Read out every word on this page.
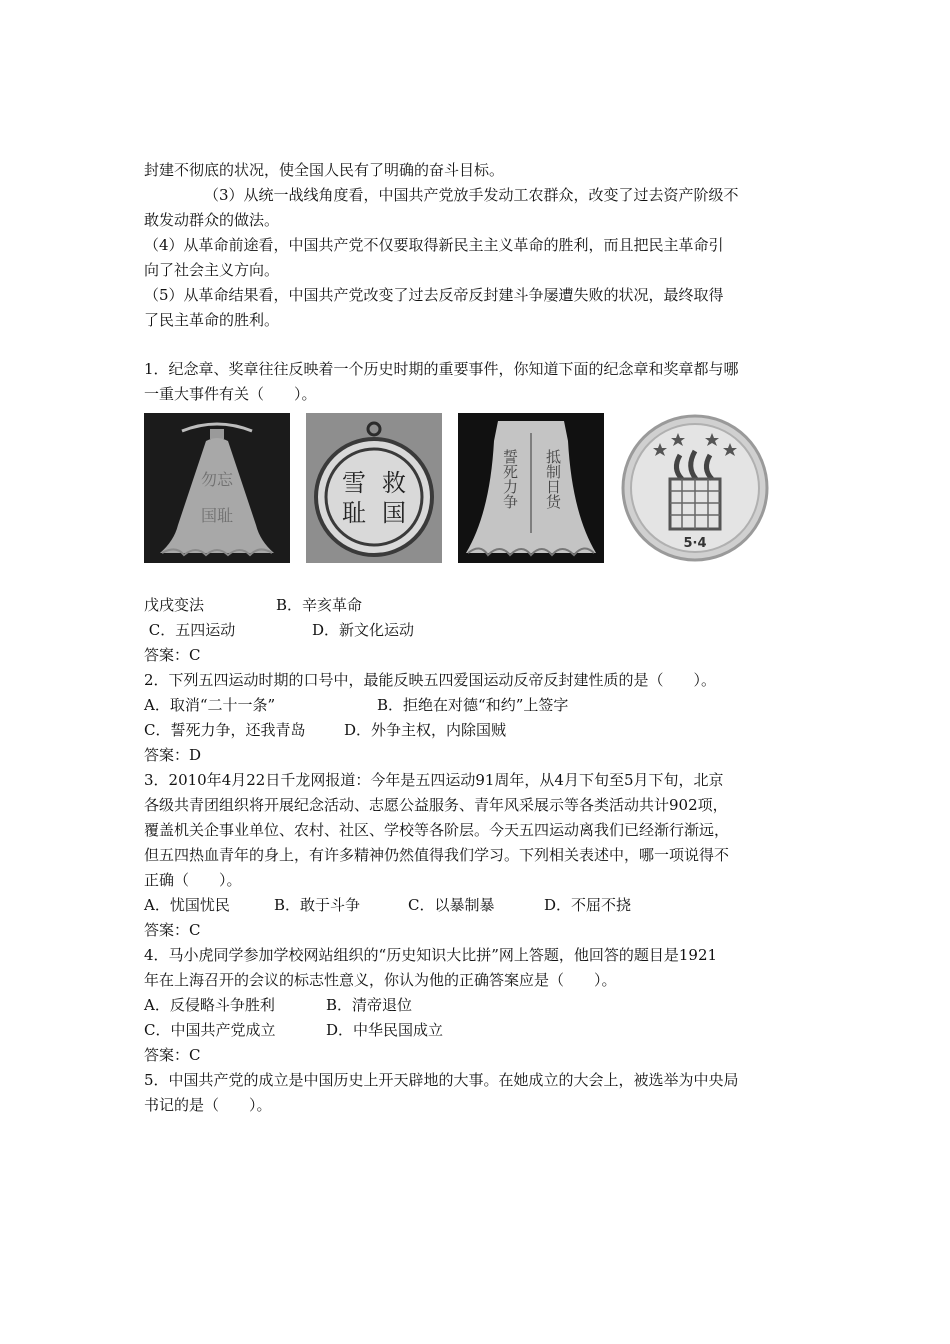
封建不彻底的状况，使全国人民有了明确的奋斗目标。

（3）从统一战线角度看，中国共产党放手发动工农群众，改变了过去资产阶级不

敢发动群众的做法。

（4）从革命前途看，中国共产党不仅要取得新民主主义革命的胜利，而且把民主革命引

向了社会主义方向。

（5）从革命结果看，中国共产党改变了过去反帝反封建斗争屡遭失败的状况，最终取得

了民主革命的胜利。

1．纪念章、奖章往往反映着一个历史时期的重要事件，你知道下面的纪念章和奖章都与哪

一重大事件有关（　　）。

勿忘
国耻
雪 救
耻 国
抵制日货
誓死力争
5·4
戊戌变法	B．辛亥革命
C．五四运动	D．新文化运动

答案：C

2．下列五四运动时期的口号中，最能反映五四爱国运动反帝反封建性质的是（　　）。

A．取消“二十一条”	B．拒绝在对德“和约”上签字
C．誓死力争，还我青岛	D．外争主权，内除国贼

答案：D

3．2010年4月22日千龙网报道：今年是五四运动91周年，从4月下旬至5月下旬，北京

各级共青团组织将开展纪念活动、志愿公益服务、青年风采展示等各类活动共计902项，

覆盖机关企事业单位、农村、社区、学校等各阶层。今天五四运动离我们已经渐行渐远，

但五四热血青年的身上，有许多精神仍然值得我们学习。下列相关表述中，哪一项说得不

正确（　　）。

A．忧国忧民	B．敢于斗争	C．以暴制暴	D．不屈不挠

答案：C

4．马小虎同学参加学校网站组织的“历史知识大比拼”网上答题，他回答的题目是1921

年在上海召开的会议的标志性意义，你认为他的正确答案应是（　　）。

A．反侵略斗争胜利	B．清帝退位
C．中国共产党成立	D．中华民国成立

答案：C

5．中国共产党的成立是中国历史上开天辟地的大事。在她成立的大会上，被选举为中央局

书记的是（　　）。
